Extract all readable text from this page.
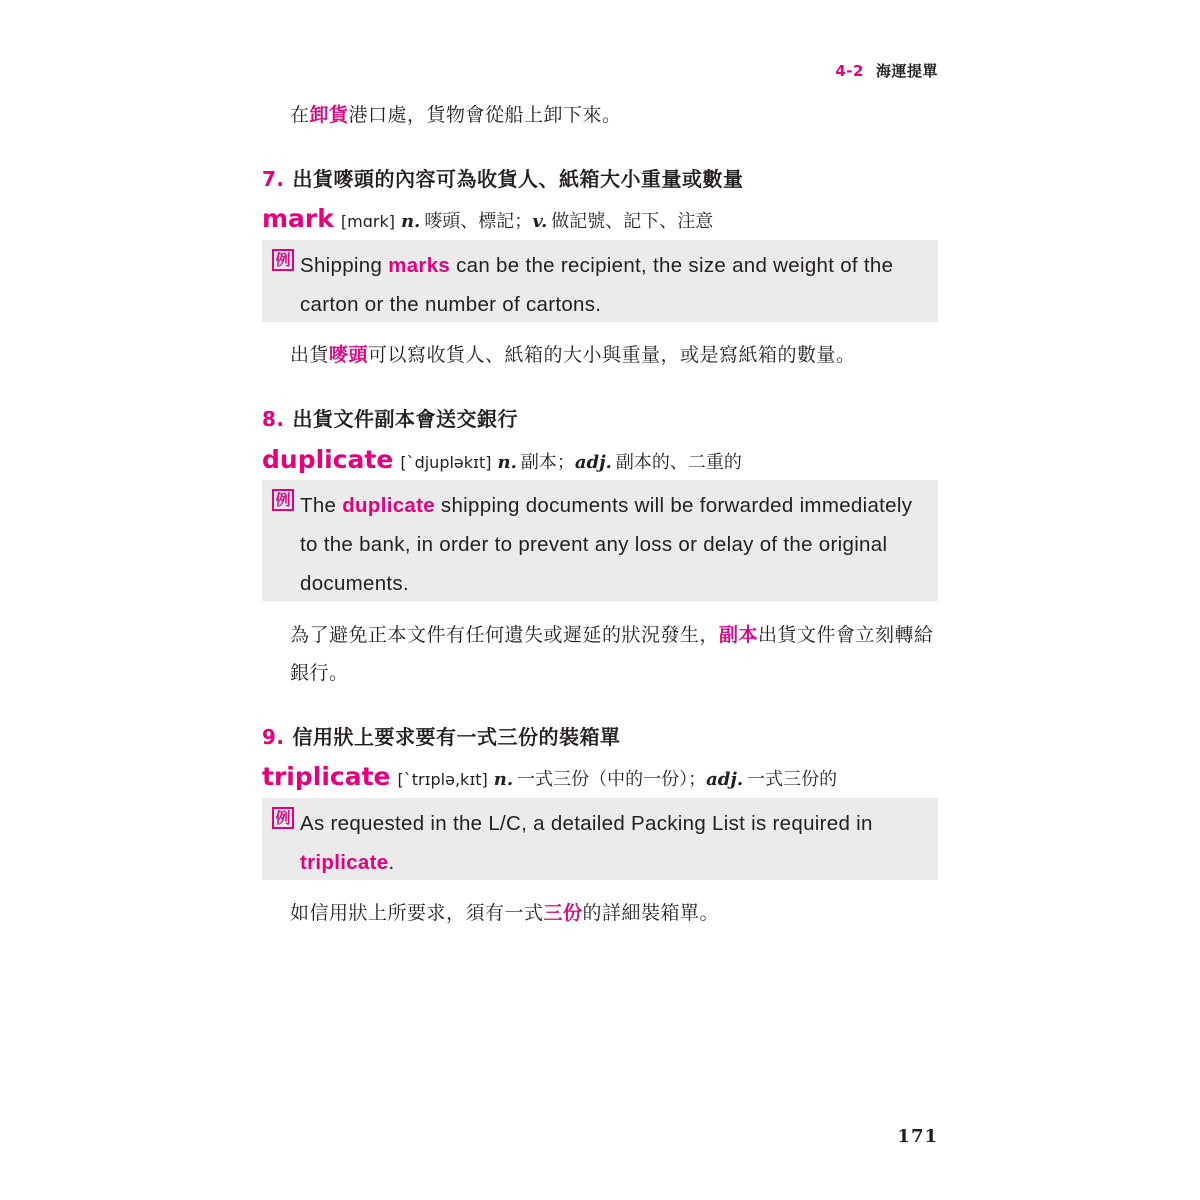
4-2 海運提單
在卸貨港口處，貨物會從船上卸下來。
7. 出貨嘜頭的內容可為收貨人、紙箱大小重量或數量
mark [mɑrk] n. 嘜頭、標記；v. 做記號、記下、注意
例 Shipping marks can be the recipient, the size and weight of the carton or the number of cartons.
出貨嘜頭可以寫收貨人、紙箱的大小與重量，或是寫紙箱的數量。
8. 出貨文件副本會送交銀行
duplicate [ˋdjupləkɪt] n. 副本；adj. 副本的、二重的
例 The duplicate shipping documents will be forwarded immediately to the bank, in order to prevent any loss or delay of the original documents.
為了避免正本文件有任何遺失或遲延的狀況發生，副本出貨文件會立刻轉給銀行。
9. 信用狀上要求要有一式三份的裝箱單
triplicate [ˋtrɪplə,kɪt] n. 一式三份（中的一份）；adj. 一式三份的
例 As requested in the L/C, a detailed Packing List is required in triplicate.
如信用狀上所要求，須有一式三份的詳細裝箱單。
171
